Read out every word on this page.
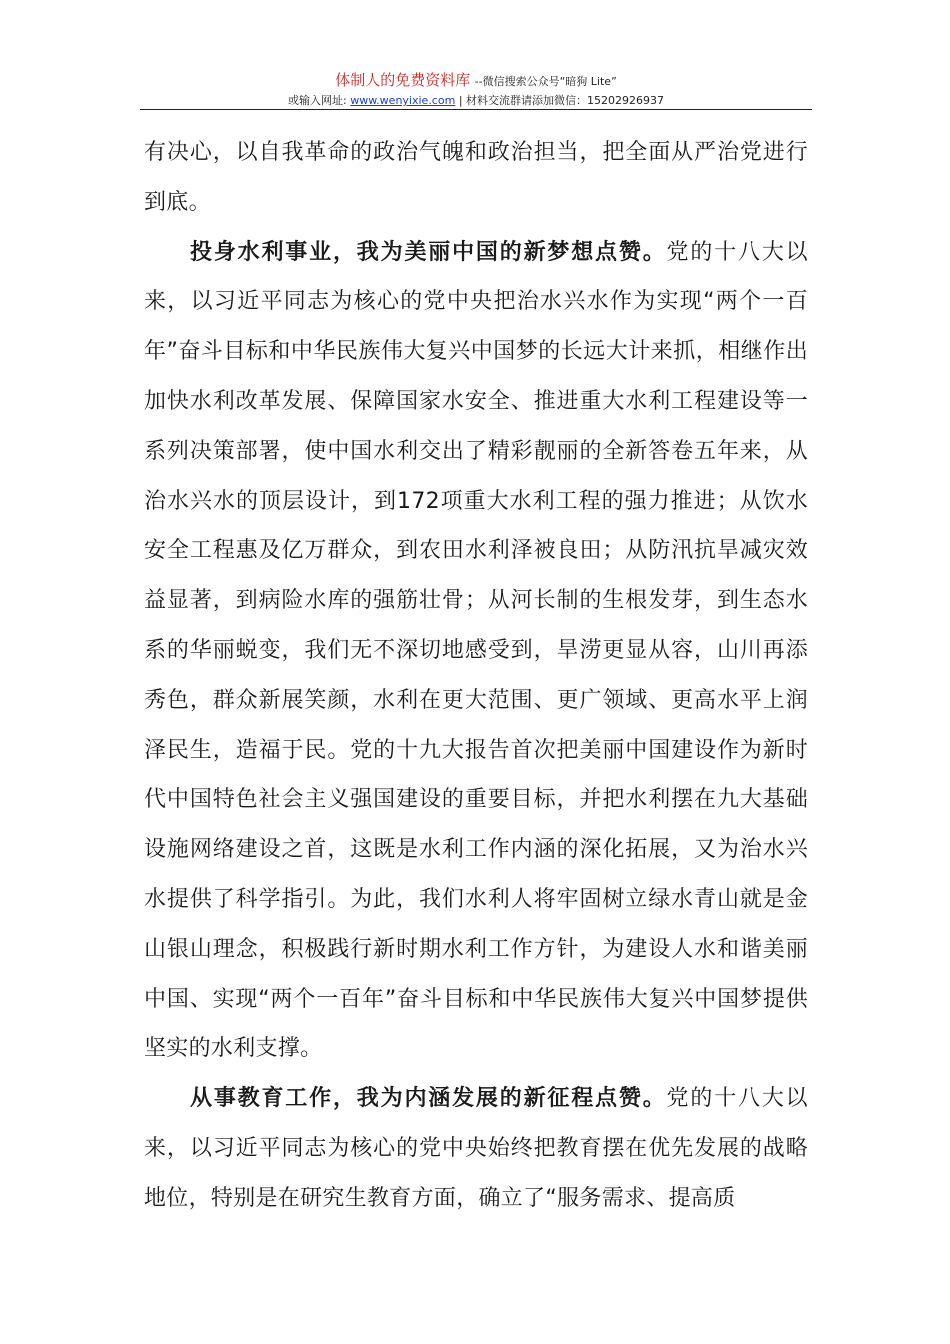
体制人的免费资料库 --微信搜索公众号“暗狗 Lite”
或输入网址: www.wenyixie.com | 材料交流群请添加微信：15202926937

有决心，以自我革命的政治气魄和政治担当，把全面从严治党进行到底。

投身水利事业，我为美丽中国的新梦想点赞。党的十八大以来，以习近平同志为核心的党中央把治水兴水作为实现“两个一百年”奋斗目标和中华民族伟大复兴中国梦的长远大计来抓，相继作出加快水利改革发展、保障国家水安全、推进重大水利工程建设等一系列决策部署，使中国水利交出了精彩靓丽的全新答卷五年来，从治水兴水的顶层设计，到172项重大水利工程的强力推进；从饮水安全工程惠及亿万群众，到农田水利泽被良田；从防汛抗旱减灾效益显著，到病险水库的强筋壮骨；从河长制的生根发芽，到生态水系的华丽蜕变，我们无不深切地感受到，旱涝更显从容，山川再添秀色，群众新展笑颜，水利在更大范围、更广领域、更高水平上润泽民生，造福于民。党的十九大报告首次把美丽中国建设作为新时代中国特色社会主义强国建设的重要目标，并把水利摆在九大基础设施网络建设之首，这既是水利工作内涵的深化拓展，又为治水兴水提供了科学指引。为此，我们水利人将牢固树立绿水青山就是金山银山理念，积极践行新时期水利工作方针，为建设人水和谐美丽中国、实现“两个一百年”奋斗目标和中华民族伟大复兴中国梦提供坚实的水利支撑。

从事教育工作，我为内涵发展的新征程点赞。党的十八大以来，以习近平同志为核心的党中央始终把教育摆在优先发展的战略地位，特别是在研究生教育方面，确立了“服务需求、提高质
